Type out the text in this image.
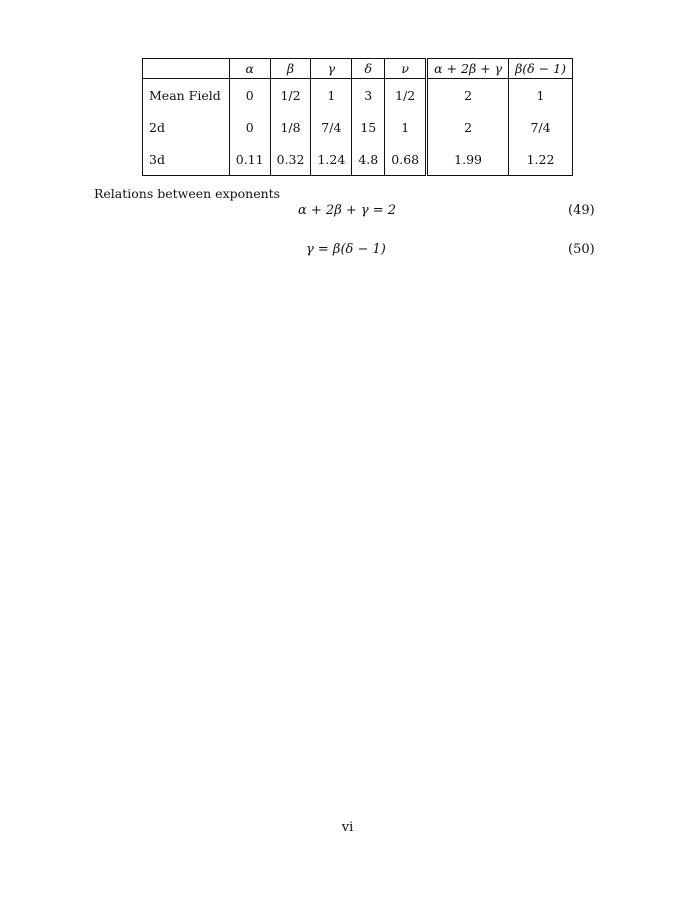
	α	β	γ	δ	ν	α + 2β + γ	β(δ − 1)
Mean Field	0	1/2	1	3	1/2	2	1
2d	0	1/8	7/4	15	1	2	7/4
3d	0.11	0.32	1.24	4.8	0.68	1.99	1.22
Relations between exponents
α + 2β + γ = 2	(49)
γ = β(δ − 1)	(50)
vi
